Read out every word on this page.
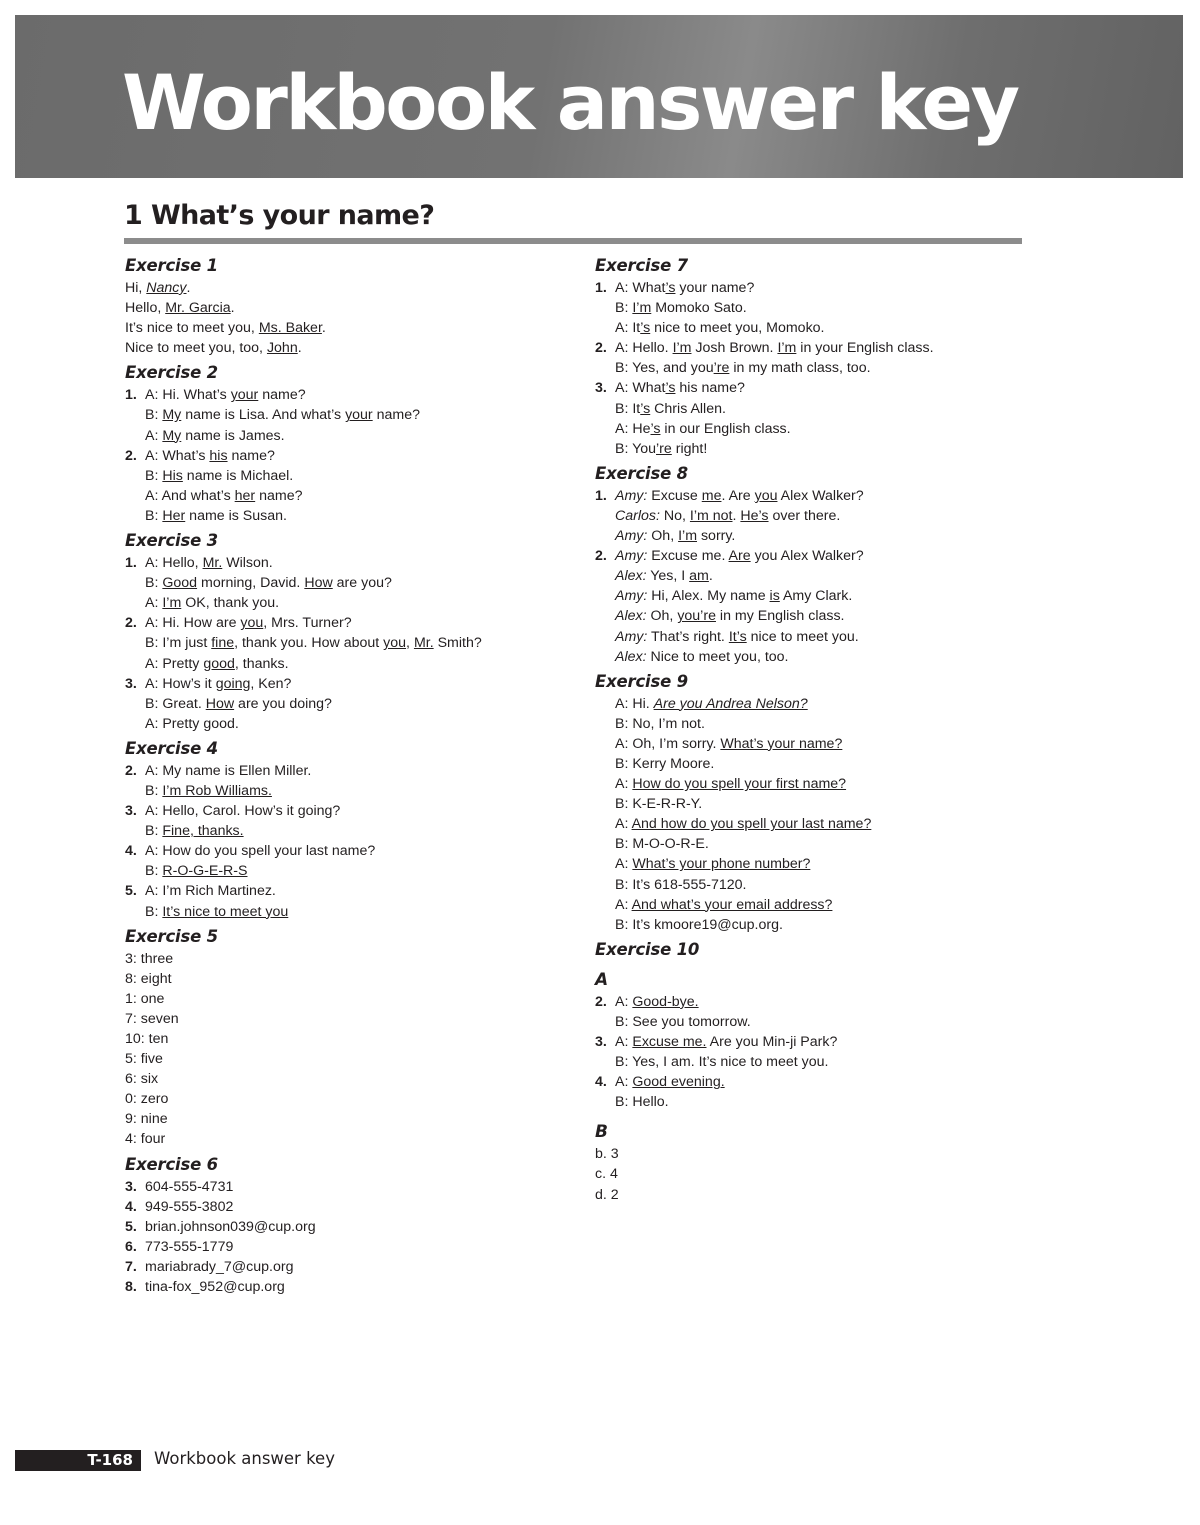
Workbook answer key
1 What’s your name?
Exercise 1
Hi, Nancy.
Hello, Mr. Garcia.
It’s nice to meet you, Ms. Baker.
Nice to meet you, too, John.
Exercise 2
1. A: Hi. What’s your name?
B: My name is Lisa. And what’s your name?
A: My name is James.
2. A: What’s his name?
B: His name is Michael.
A: And what’s her name?
B: Her name is Susan.
Exercise 3
1. A: Hello, Mr. Wilson.
B: Good morning, David. How are you?
A: I’m OK, thank you.
2. A: Hi. How are you, Mrs. Turner?
B: I’m just fine, thank you. How about you, Mr. Smith?
A: Pretty good, thanks.
3. A: How’s it going, Ken?
B: Great. How are you doing?
A: Pretty good.
Exercise 4
2. A: My name is Ellen Miller.
B: I’m Rob Williams.
3. A: Hello, Carol. How’s it going?
B: Fine, thanks.
4. A: How do you spell your last name?
B: R-O-G-E-R-S
5. A: I’m Rich Martinez.
B: It’s nice to meet you
Exercise 5
3: three
8: eight
1: one
7: seven
10: ten
5: five
6: six
0: zero
9: nine
4: four
Exercise 6
3. 604-555-4731
4. 949-555-3802
5. brian.johnson039@cup.org
6. 773-555-1779
7. mariabrady_7@cup.org
8. tina-fox_952@cup.org
Exercise 7
1. A: What’s your name?
B: I’m Momoko Sato.
A: It’s nice to meet you, Momoko.
2. A: Hello. I’m Josh Brown. I’m in your English class.
B: Yes, and you’re in my math class, too.
3. A: What’s his name?
B: It’s Chris Allen.
A: He’s in our English class.
B: You’re right!
Exercise 8
1. Amy: Excuse me. Are you Alex Walker?
Carlos: No, I’m not. He’s over there.
Amy: Oh, I’m sorry.
2. Amy: Excuse me. Are you Alex Walker?
Alex: Yes, I am.
Amy: Hi, Alex. My name is Amy Clark.
Alex: Oh, you’re in my English class.
Amy: That’s right. It’s nice to meet you.
Alex: Nice to meet you, too.
Exercise 9
A: Hi. Are you Andrea Nelson?
B: No, I’m not.
A: Oh, I’m sorry. What’s your name?
B: Kerry Moore.
A: How do you spell your first name?
B: K-E-R-R-Y.
A: And how do you spell your last name?
B: M-O-O-R-E.
A: What’s your phone number?
B: It’s 618-555-7120.
A: And what’s your email address?
B: It’s kmoore19@cup.org.
Exercise 10
A
2. A: Good-bye.
B: See you tomorrow.
3. A: Excuse me. Are you Min-ji Park?
B: Yes, I am. It’s nice to meet you.
4. A: Good evening.
B: Hello.
B
b. 3
c. 4
d. 2
T-168 Workbook answer key
